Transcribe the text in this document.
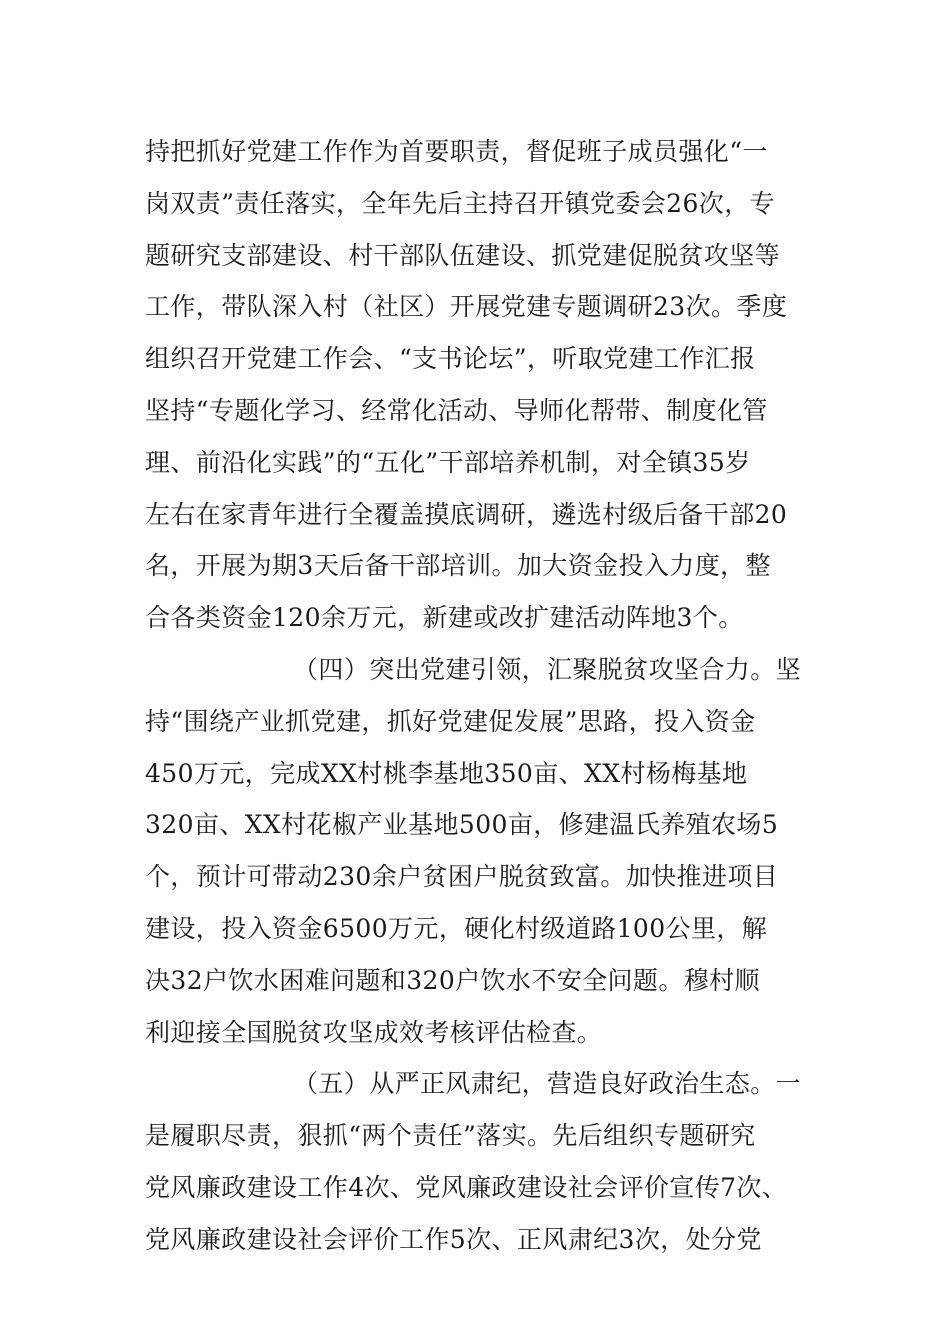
持把抓好党建工作作为首要职责，督促班子成员强化“一
岗双责”责任落实，全年先后主持召开镇党委会26次，专
题研究支部建设、村干部队伍建设、抓党建促脱贫攻坚等
工作，带队深入村（社区）开展党建专题调研23次。季度
组织召开党建工作会、“支书论坛”，听取党建工作汇报
坚持“专题化学习、经常化活动、导师化帮带、制度化管
理、前沿化实践”的“五化”干部培养机制，对全镇35岁
左右在家青年进行全覆盖摸底调研，遴选村级后备干部20
名，开展为期3天后备干部培训。加大资金投入力度，整
合各类资金120余万元，新建或改扩建活动阵地3个。
（四）突出党建引领，汇聚脱贫攻坚合力。坚
持“围绕产业抓党建，抓好党建促发展”思路，投入资金
450万元，完成XX村桃李基地350亩、XX村杨梅基地
320亩、XX村花椒产业基地500亩，修建温氏养殖农场5
个，预计可带动230余户贫困户脱贫致富。加快推进项目
建设，投入资金6500万元，硬化村级道路100公里，解
决32户饮水困难问题和320户饮水不安全问题。穆村顺
利迎接全国脱贫攻坚成效考核评估检查。
（五）从严正风肃纪，营造良好政治生态。一
是履职尽责，狠抓“两个责任”落实。先后组织专题研究
党风廉政建设工作4次、党风廉政建设社会评价宣传7次、
党风廉政建设社会评价工作5次、正风肃纪3次，处分党
